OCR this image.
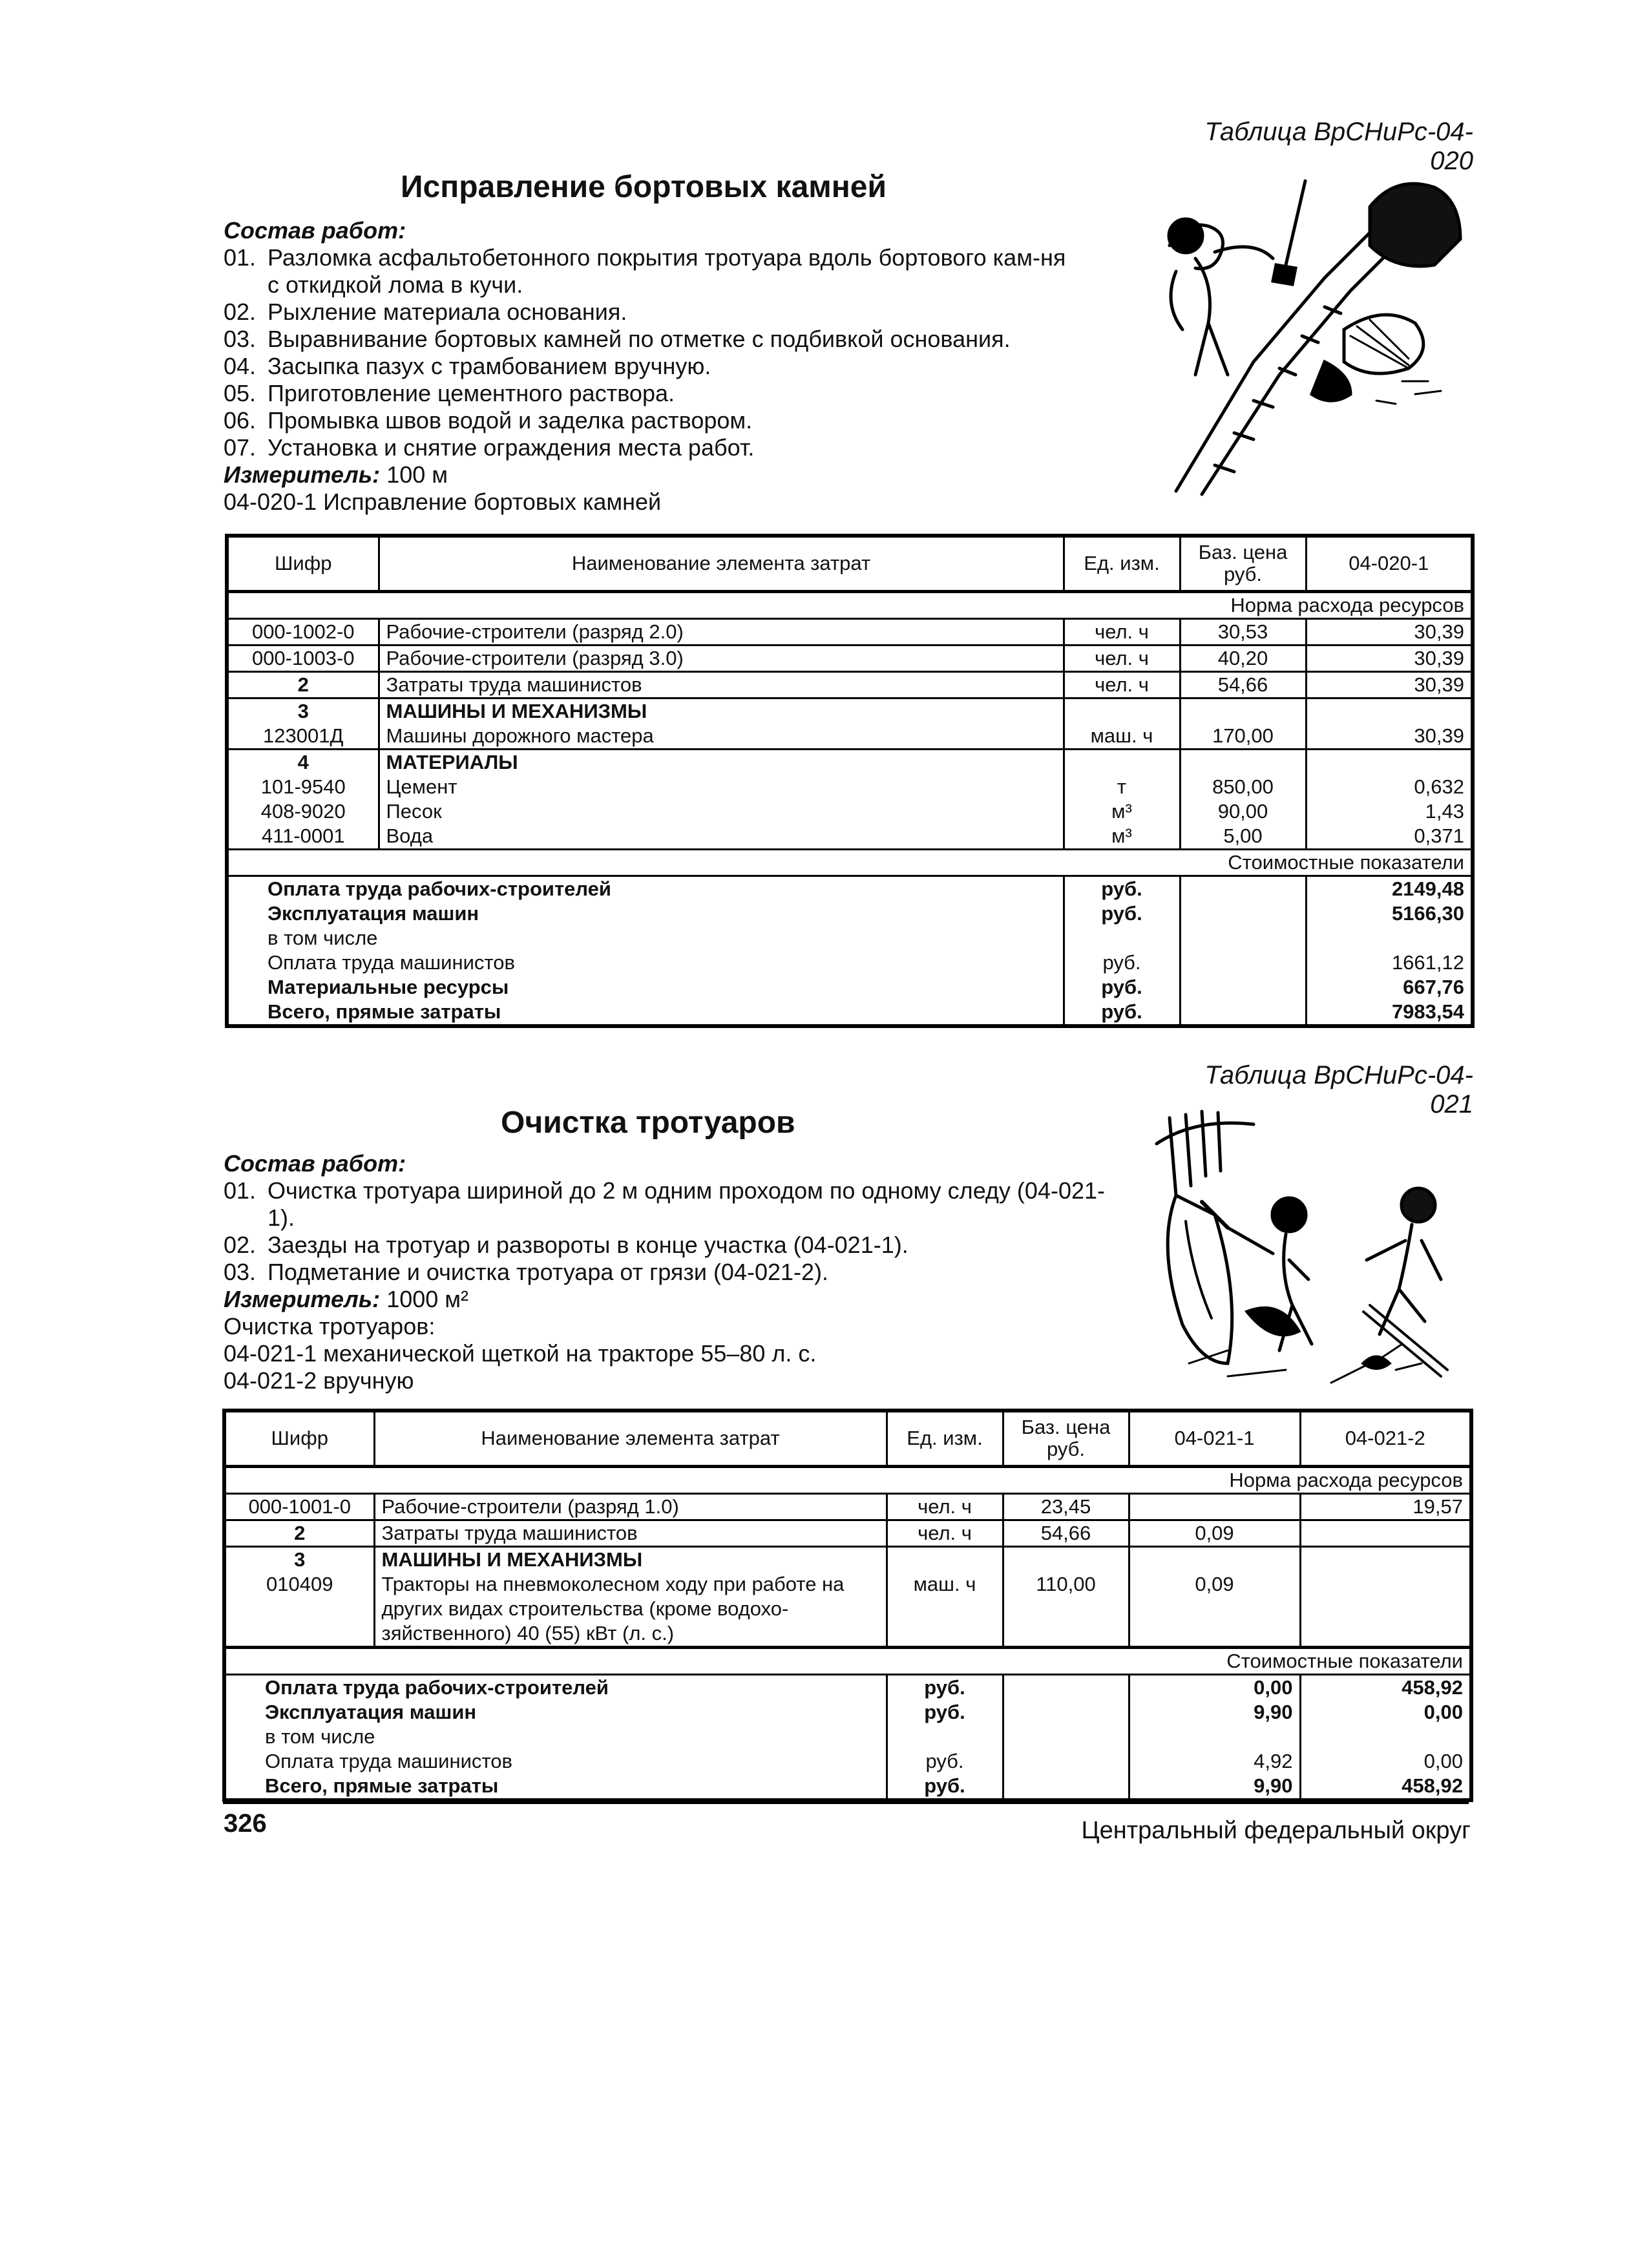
Таблица ВрСНиРс-04-020
Исправление бортовых камней
Состав работ:
01. Разломка асфальтобетонного покрытия тротуара вдоль бортового кам-ня с откидкой лома в кучи.
02. Рыхление материала основания.
03. Выравнивание бортовых камней по отметке с подбивкой основания.
04. Засыпка пазух с трамбованием вручную.
05. Приготовление цементного раствора.
06. Промывка швов водой и заделка раствором.
07. Установка и снятие ограждения места работ.
Измеритель: 100 м
04-020-1 Исправление бортовых камней
Шифр	Наименование элемента затрат	Ед. изм.	Баз. цена руб.	04-020-1
Норма расхода ресурсов				
000-1002-0	Рабочие-строители (разряд 2.0)	чел. ч	30,53	30,39
000-1003-0	Рабочие-строители (разряд 3.0)	чел. ч	40,20	30,39
2	Затраты труда машинистов	чел. ч	54,66	30,39
3	МАШИНЫ И МЕХАНИЗМЫ			
123001Д	Машины дорожного мастера	маш. ч	170,00	30,39
4	МАТЕРИАЛЫ			
101-9540	Цемент	т	850,00	0,632
408-9020	Песок	м³	90,00	1,43
411-0001	Вода	м³	5,00	0,371
Стоимостные показатели				
Оплата труда рабочих-строителей		руб.		2149,48
Эксплуатация машин		руб.		5166,30
в том числе				
Оплата труда машинистов		руб.		1661,12
Материальные ресурсы		руб.		667,76
Всего, прямые затраты		руб.		7983,54
Таблица ВрСНиРс-04-021
Очистка тротуаров
Состав работ:
01. Очистка тротуара шириной до 2 м одним проходом по одному следу (04-021-1).
02. Заезды на тротуар и развороты в конце участка (04-021-1).
03. Подметание и очистка тротуара от грязи (04-021-2).
Измеритель: 1000 м²
Очистка тротуаров:
04-021-1 механической щеткой на тракторе 55–80 л. с.
04-021-2 вручную
Шифр	Наименование элемента затрат	Ед. изм.	Баз. цена руб.	04-021-1	04-021-2
Норма расхода ресурсов					
000-1001-0	Рабочие-строители (разряд 1.0)	чел. ч	23,45		19,57
2	Затраты труда машинистов	чел. ч	54,66	0,09	
3	МАШИНЫ И МЕХАНИЗМЫ				
010409	Тракторы на пневмоколесном ходу при работе на других видах строительства (кроме водохо-зяйственного) 40 (55) кВт (л. с.)	маш. ч	110,00	0,09	
Стоимостные показатели					
Оплата труда рабочих-строителей		руб.		0,00	458,92
Эксплуатация машин		руб.		9,90	0,00
в том числе					
Оплата труда машинистов		руб.		4,92	0,00
Всего, прямые затраты		руб.		9,90	458,92
326	Центральный федеральный округ
